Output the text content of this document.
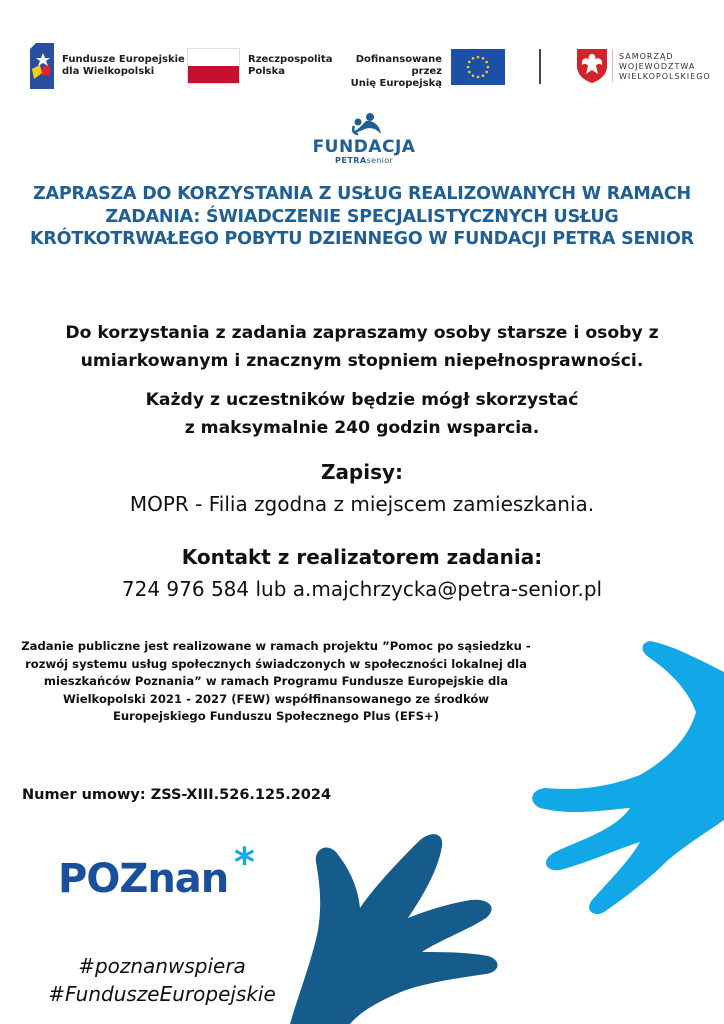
Fundusze Europejskie
dla Wielkopolski
Rzeczpospolita
Polska
Dofinansowane przez
Unię Europejską
SAMORZĄD
WOJEWÓDZTWA
WIELKOPOLSKIEGO
FUNDACJA
PETRAsenior
ZAPRASZA DO KORZYSTANIA Z USŁUG REALIZOWANYCH W RAMACH ZADANIA: ŚWIADCZENIE SPECJALISTYCZNYCH USŁUG KRÓTKOTRWAŁEGO POBYTU DZIENNEGO W FUNDACJI PETRA SENIOR
Do korzystania z zadania zapraszamy osoby starsze i osoby z
umiarkowanym i znacznym stopniem niepełnosprawności.
Każdy z uczestników będzie mógł skorzystać
z maksymalnie 240 godzin wsparcia.
Zapisy:
MOPR - Filia zgodna z miejscem zamieszkania.
Kontakt z realizatorem zadania:
724 976 584 lub a.majchrzycka@petra-senior.pl
Zadanie publiczne jest realizowane w ramach projektu ”Pomoc po sąsiedzku -
rozwój systemu usług społecznych świadczonych w społeczności lokalnej dla
mieszkańców Poznania” w ramach Programu Fundusze Europejskie dla
Wielkopolski 2021 - 2027 (FEW) współfinansowanego ze środków
Europejskiego Funduszu Społecznego Plus (EFS+)
Numer umowy: ZSS-XIII.526.125.2024
POZnan *
#poznanwspiera
#FunduszeEuropejskie
